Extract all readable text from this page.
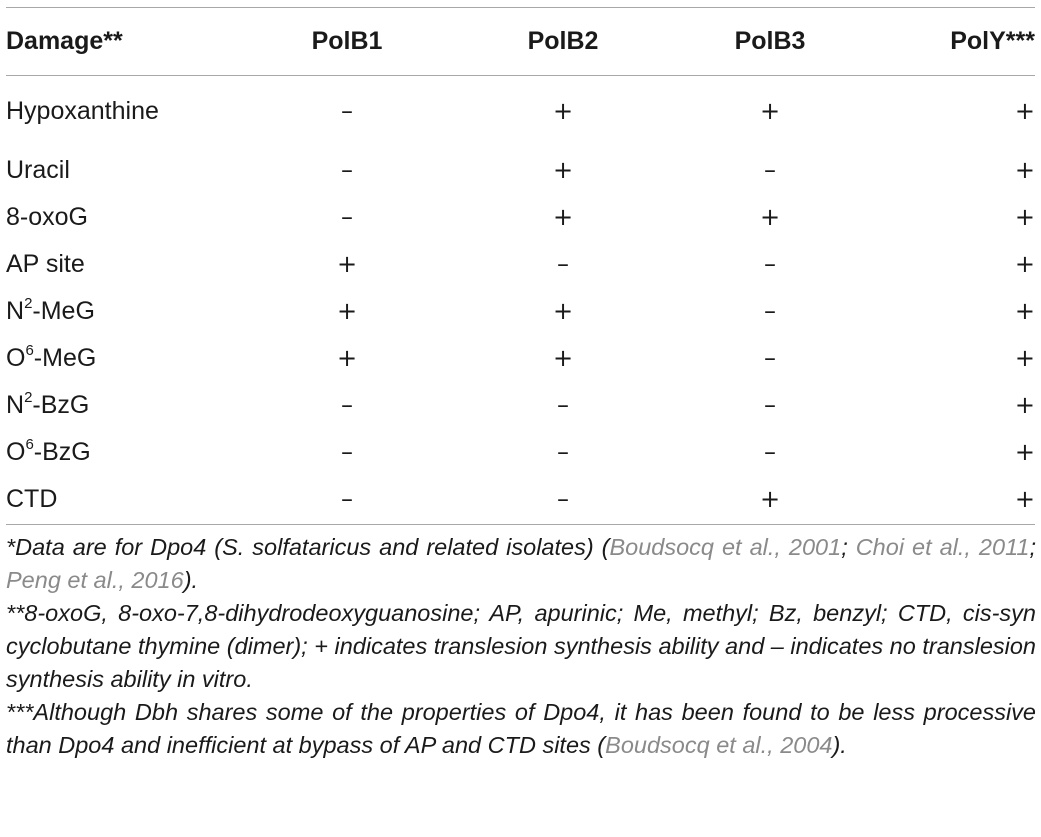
Damage**	PolB1	PolB2	PolB3	PolY***
Hypoxanthine	–	+	+	+
Uracil	–	+	–	+
8-oxoG	–	+	+	+
AP site	+	–	–	+
$N^2$-MeG	+	+	–	+
$O^6$-MeG	+	+	–	+
$N^2$-BzG	–	–	–	+
$O^6$-BzG	–	–	–	+
CTD	–	–	+	+

*Data are for Dpo4 (S. solfataricus and related isolates) (Boudsocq et al., 2001; Choi et al., 2011; Peng et al., 2016).

**8-oxoG, 8-oxo-7,8-dihydrodeoxyguanosine; AP, apurinic; Me, methyl; Bz, benzyl; CTD, cis-syn cyclobutane thymine (dimer); + indicates translesion synthesis ability and – indicates no translesion synthesis ability in vitro.

***Although Dbh shares some of the properties of Dpo4, it has been found to be less processive than Dpo4 and inefficient at bypass of AP and CTD sites (Boudsocq et al., 2004).
